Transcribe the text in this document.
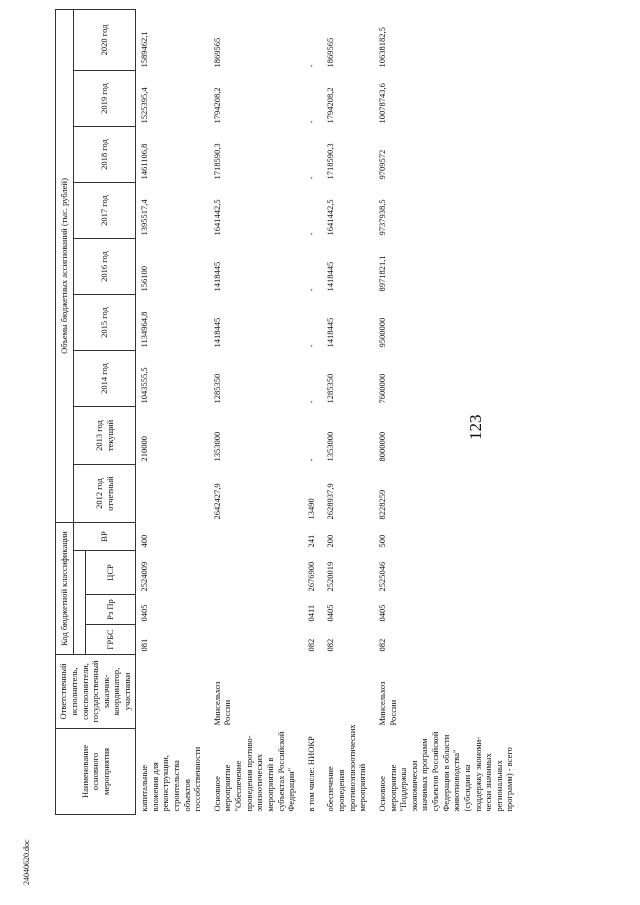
123
24040620.doc
Наименование основного мероприятия	Ответственный исполнитель, соисполнители, государственный заказчик-координатор, участники	Код бюджетной классификации				Объемы бюджетных ассигнований (тыс. рублей)								
					ВР	2012 год отчетный	2013 год текущий	2014 год	2015 год	2016 год	2017 год	2018 год	2019 год	2020 год
		ГРБС	Рз Пр	ЦСР										
капитальные вложения для реконструкции, строительства объектов госсобственности		081	0405	2524009	400		210000	1043555,5	1134964,8	156100	1395517,4	1461106,8	1525395,4	1589462,1
Основное мероприятие "Обеспечение проведения противо-эпизоотических мероприятий в субъектах Российской Федерации"	Минсельхоз России					2642427,9	1353000	1285350	1418445	1418445	1641442,5	1718590,3	1794208,2	1869565
в том числе: НИОКР		082	0411	2676900	241	13490	-	-	-	-	-	-	-	-
обеспечение проведения противоэпизоотических мероприятий		082	0405	2520019	200	2628937,9	1353000	1285350	1418445	1418445	1641442,5	1718590,3	1794208,2	1869565
Основное мероприятие "Поддержка экономически значимых программ субъектов Российской Федерации в области животноводства" (субсидии на поддержку экономи-чески значимых региональных программ) - всего	Минсельхоз России	082	0405	2525046	500	8228259	8000000	7600000	9500000	8971821,1	9737938,5	9709572	10078743,6	10638182,5
